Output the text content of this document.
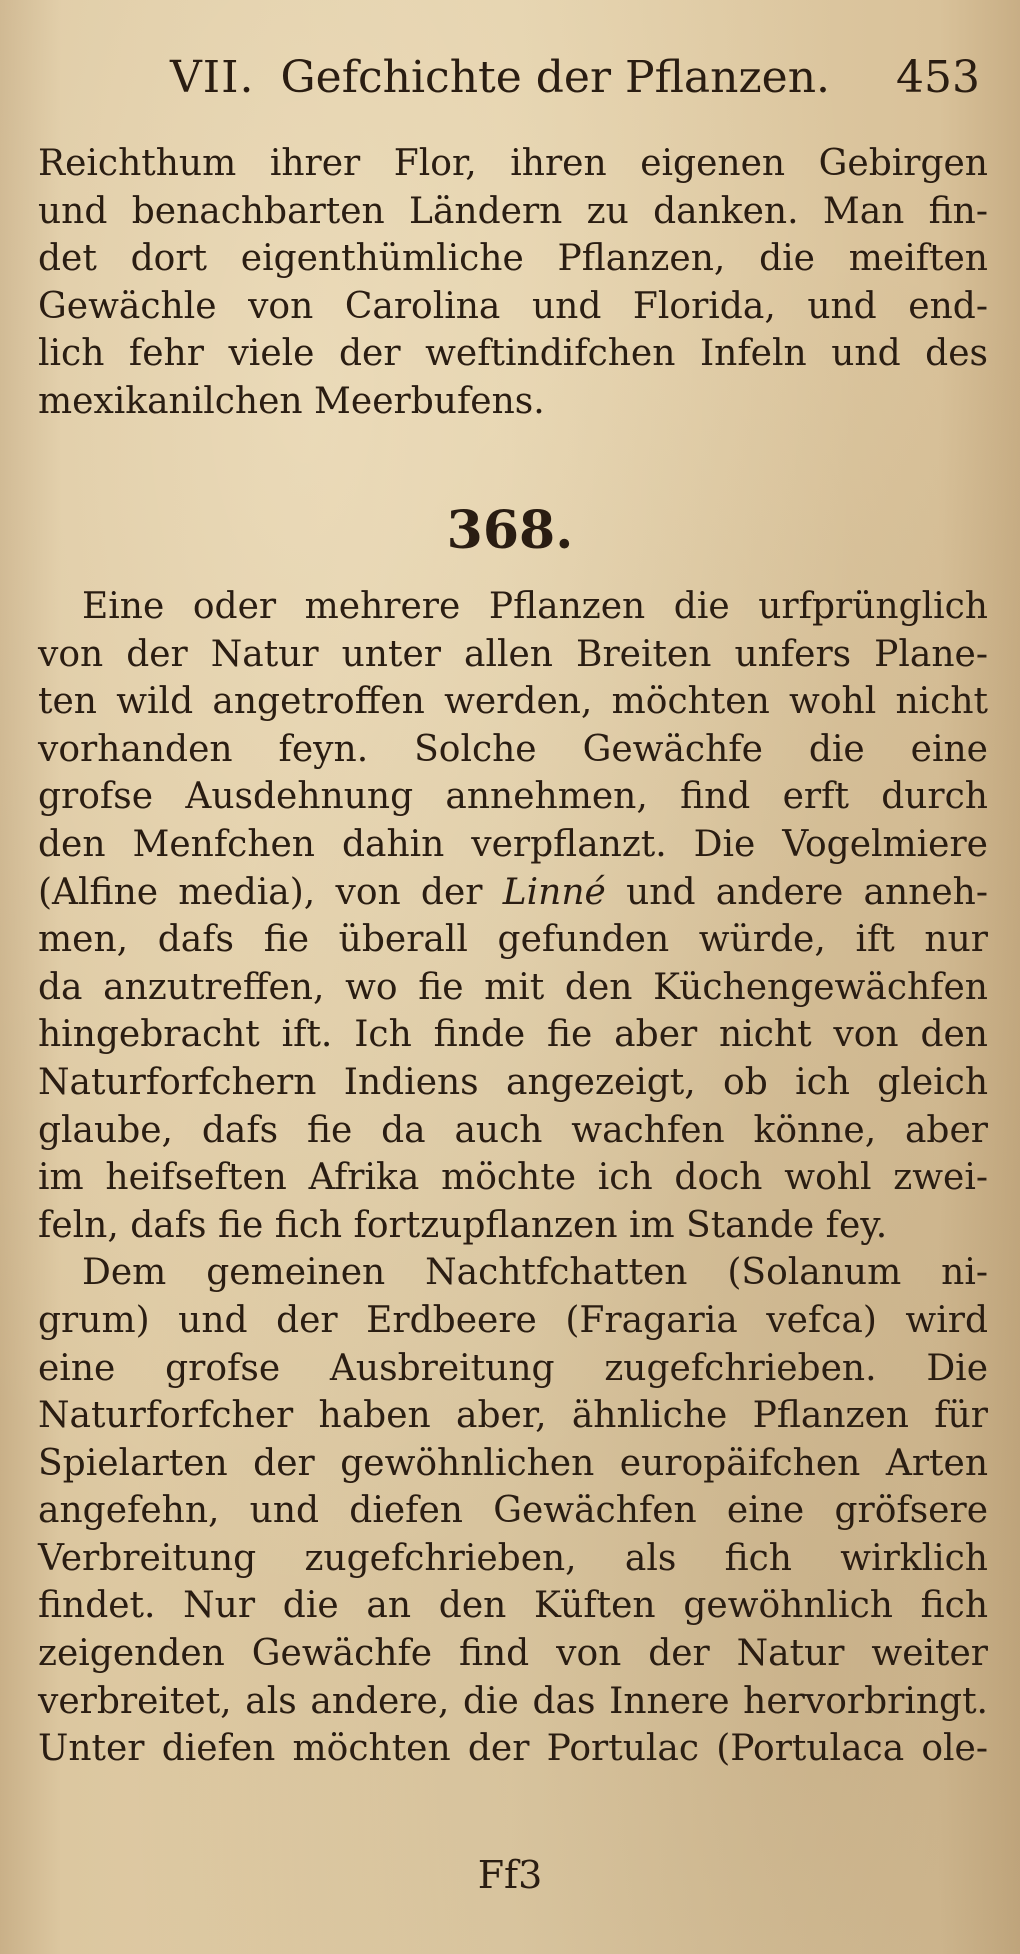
VII. Gefchichte der Pflanzen.	453
Reichthum ihrer Flor, ihren eigenen Gebirgen
und benachbarten Ländern zu danken. Man fin-
det dort eigenthümliche Pflanzen, die meiften
Gewächle von Carolina und Florida, und end-
lich fehr viele der weftindifchen Infeln und des
mexikanilchen Meerbufens.
368.
Eine oder mehrere Pflanzen die urfprünglich
von der Natur unter allen Breiten unfers Plane-
ten wild angetroffen werden, möchten wohl nicht
vorhanden feyn. Solche Gewächfe die eine
grofse Ausdehnung annehmen, find erft durch
den Menfchen dahin verpflanzt. Die Vogelmiere
(Alfine media), von der Linné und andere anneh-
men, dafs fie überall gefunden würde, ift nur
da anzutreffen, wo fie mit den Küchengewächfen
hingebracht ift. Ich finde fie aber nicht von den
Naturforfchern Indiens angezeigt, ob ich gleich
glaube, dafs fie da auch wachfen könne, aber
im heifseften Afrika möchte ich doch wohl zwei-
feln, dafs fie fich fortzupflanzen im Stande fey.
Dem gemeinen Nachtfchatten (Solanum ni-
grum) und der Erdbeere (Fragaria vefca) wird
eine grofse Ausbreitung zugefchrieben. Die
Naturforfcher haben aber, ähnliche Pflanzen für
Spielarten der gewöhnlichen europäifchen Arten
angefehn, und diefen Gewächfen eine gröfsere
Verbreitung zugefchrieben, als fich wirklich
findet. Nur die an den Küften gewöhnlich fich
zeigenden Gewächfe find von der Natur weiter
verbreitet, als andere, die das Innere hervorbringt.
Unter diefen möchten der Portulac (Portulaca ole-
Ff3
